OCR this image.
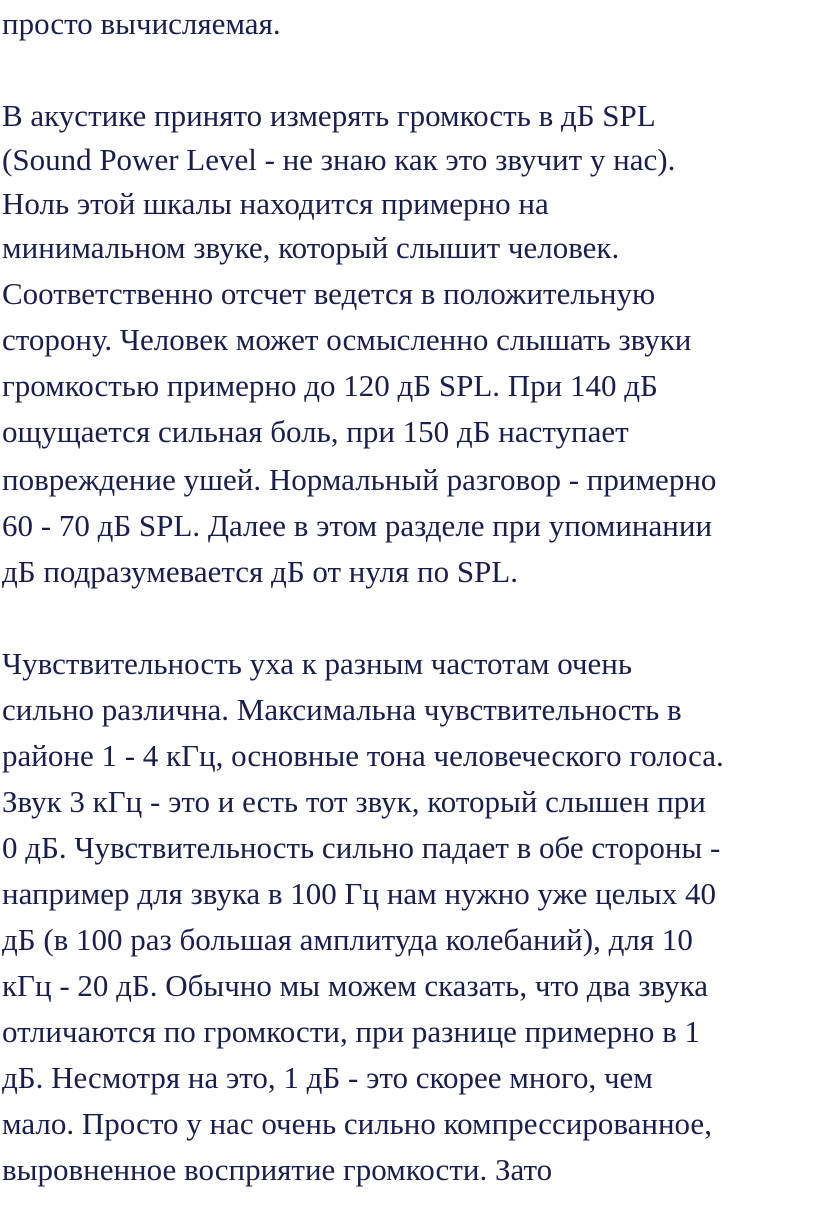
просто вычисляемая.
В акустике принято измерять громкость в дБ SPL
(Sound Power Level - не знаю как это звучит у нас).
Ноль этой шкалы находится примерно на
минимальном звуке, который слышит человек.
Соответственно отсчет ведется в положительную
сторону. Человек может осмысленно слышать звуки
громкостью примерно до 120 дБ SPL. При 140 дБ
ощущается сильная боль, при 150 дБ наступает
повреждение ушей. Нормальный разговор - примерно
60 - 70 дБ SPL. Далее в этом разделе при упоминании
дБ подразумевается дБ от нуля по SPL.
Чувствительность уха к разным частотам очень
сильно различна. Максимальна чувствительность в
районе 1 - 4 кГц, основные тона человеческого голоса.
Звук 3 кГц - это и есть тот звук, который слышен при
0 дБ. Чувствительность сильно падает в обе стороны -
например для звука в 100 Гц нам нужно уже целых 40
дБ (в 100 раз большая амплитуда колебаний), для 10
кГц - 20 дБ. Обычно мы можем сказать, что два звука
отличаются по громкости, при разнице примерно в 1
дБ. Несмотря на это, 1 дБ - это скорее много, чем
мало. Просто у нас очень сильно компрессированное,
выровненное восприятие громкости. Зато
